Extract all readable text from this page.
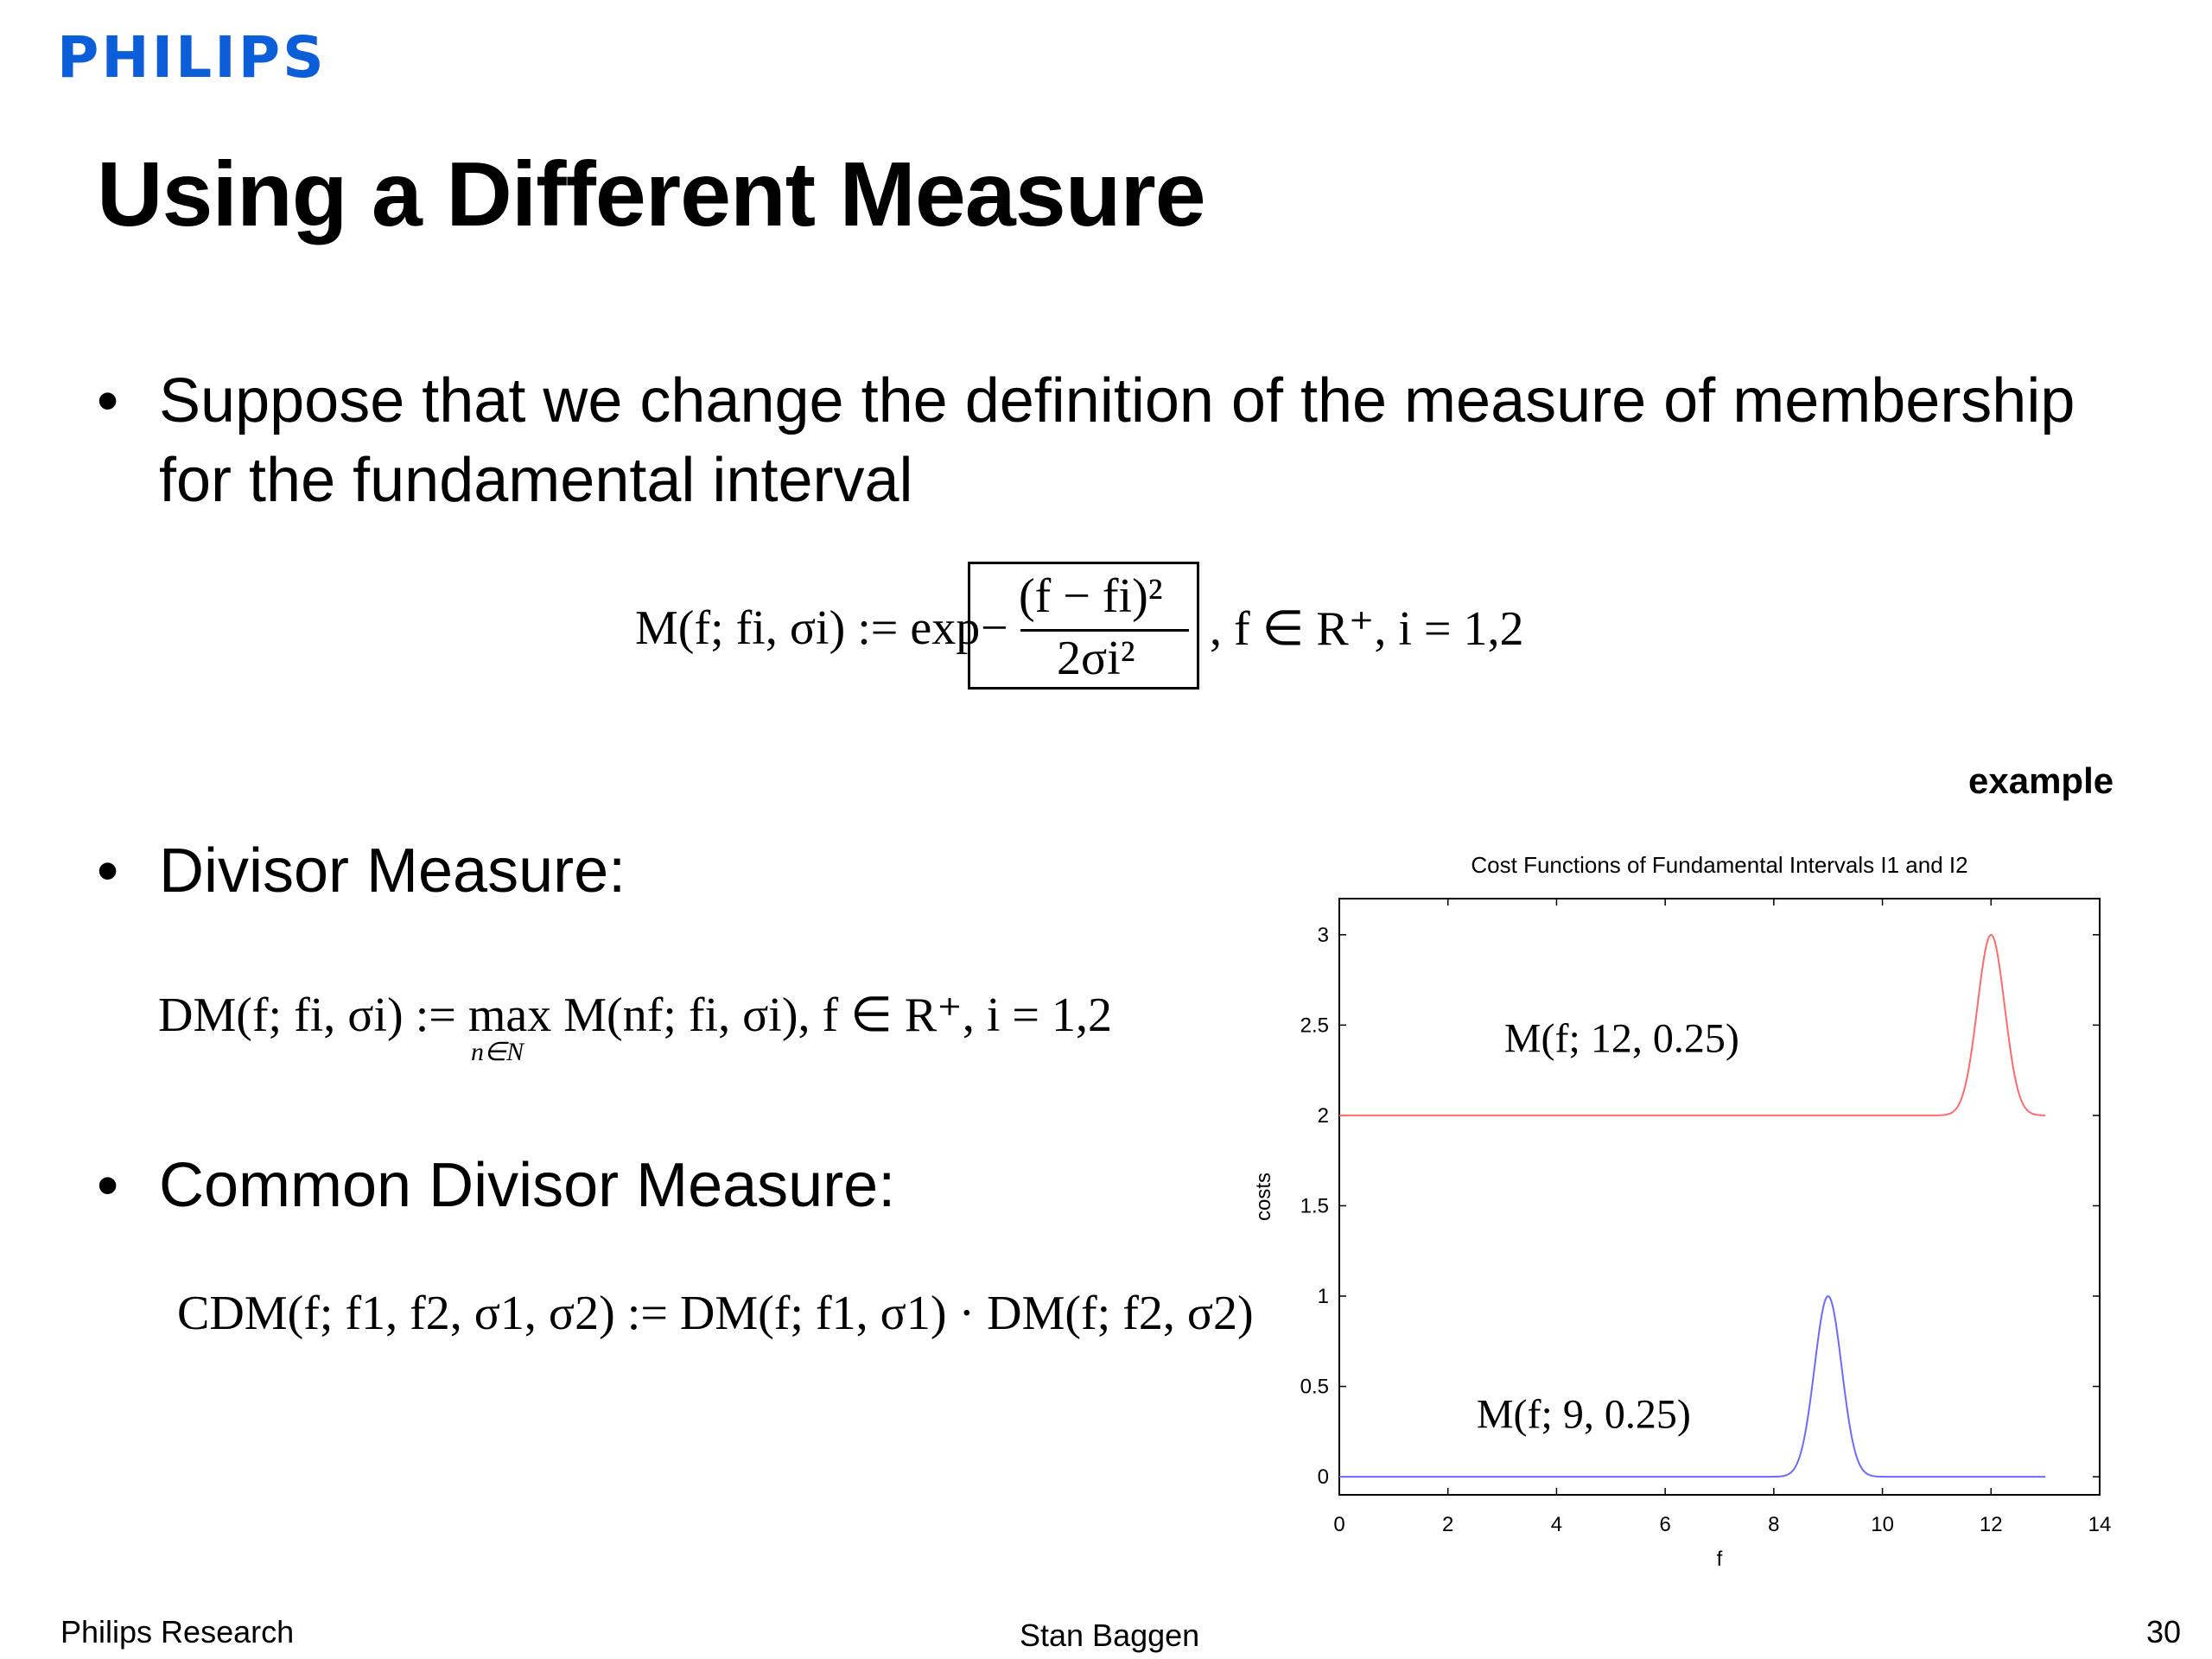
PHILIPS
Using a Different Measure
• Suppose that we change the definition of the measure of membership for the fundamental interval
M(f; fi, σi) := exp −
(f − fi)²
2σi²
, f ∈ R⁺, i = 1,2
• Divisor Measure:
DM(f; fi, σi) := max M(nf; fi, σi), f ∈ R⁺, i = 1,2
n∈N
• Common Divisor Measure:
CDM(f; f1, f2, σ1, σ2) := DM(f; f1, σ1) · DM(f; f2, σ2)
example
Cost Functions of Fundamental Intervals I1 and I2
0	2	4	6	8	10	12	14
0
0.5
1
1.5
2
2.5
3
f
costs
M(f; 12, 0.25)
M(f; 9, 0.25)
Philips Research	Stan Baggen	30
